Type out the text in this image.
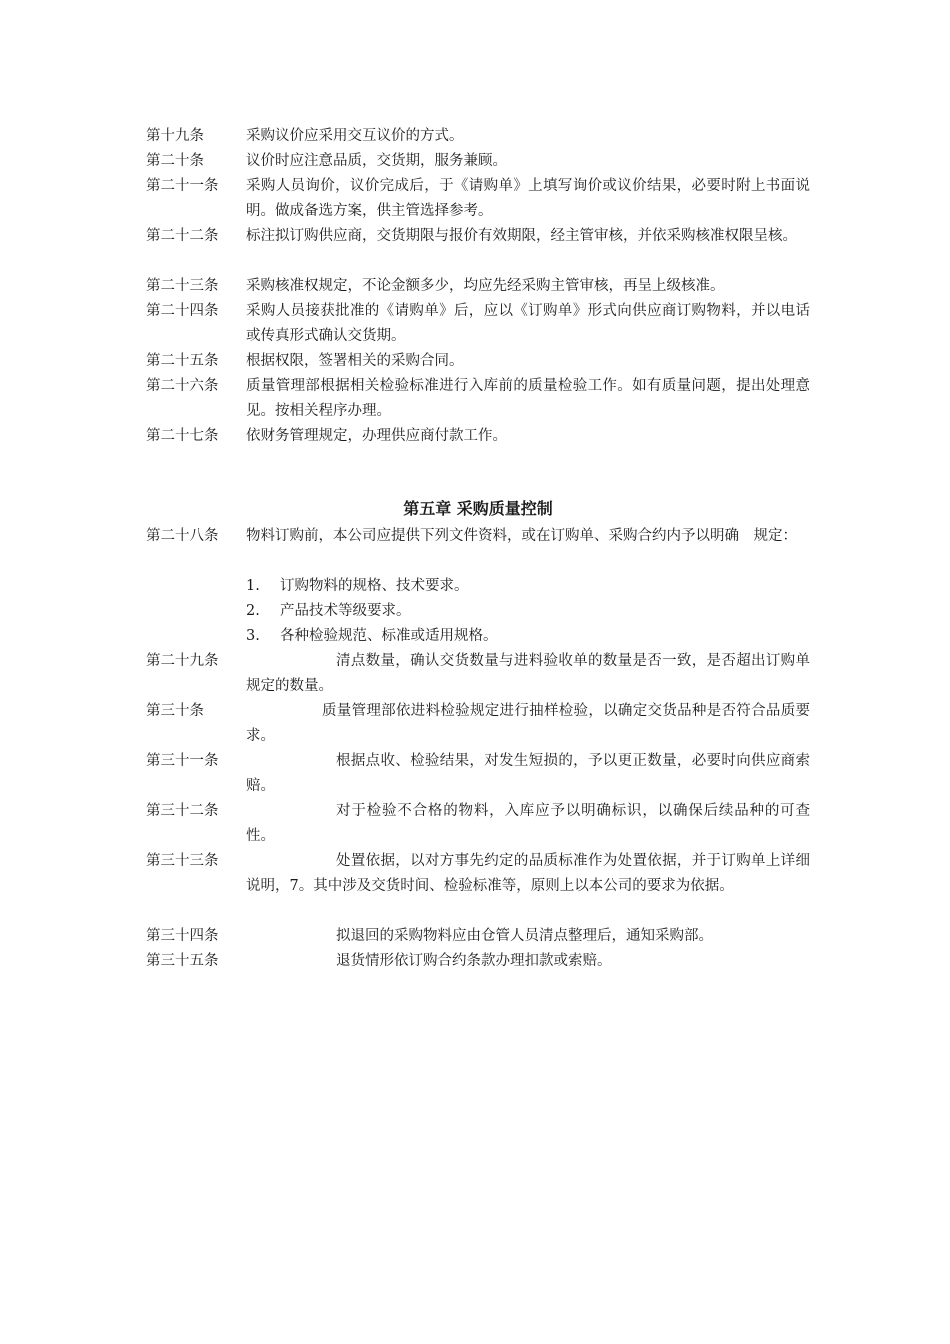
第十九条	采购议价应采用交互议价的方式。
第二十条	议价时应注意品质，交货期，服务兼顾。
第二十一条 采购人员询价，议价完成后，于《请购单》上填写询价或议价结果，必要时附上书面说明。做成备选方案，供主管选择参考。
第二十二条 标注拟订购供应商，交货期限与报价有效期限，经主管审核，并依采购核准权限呈核。
第二十三条 采购核准权规定，不论金额多少，均应先经采购主管审核，再呈上级核准。
第二十四条 采购人员接获批准的《请购单》后，应以《订购单》形式向供应商订购物料，并以电话或传真形式确认交货期。
第二十五条 根据权限，签署相关的采购合同。
第二十六条 质量管理部根据相关检验标准进行入库前的质量检验工作。如有质量问题，提出处理意见。按相关程序办理。
第二十七条 依财务管理规定，办理供应商付款工作。
第五章 采购质量控制
第二十八条 物料订购前，本公司应提供下列文件资料，或在订购单、采购合约内予以明确　规定：
1. 订购物料的规格、技术要求。
2. 产品技术等级要求。
3. 各种检验规范、标准或适用规格。
第二十九条	清点数量，确认交货数量与进料验收单的数量是否一致，是否超出订购单规定的数量。
第三十条	质量管理部依进料检验规定进行抽样检验，以确定交货品种是否符合品质要求。
第三十一条	根据点收、检验结果，对发生短损的，予以更正数量，必要时向供应商索赔。
第三十二条	对于检验不合格的物料，入库应予以明确标识，以确保后续品种的可查性。
第三十三条	处置依据，以对方事先约定的品质标准作为处置依据，并于订购单上详细说明，7。其中涉及交货时间、检验标准等，原则上以本公司的要求为依据。
第三十四条	拟退回的采购物料应由仓管人员清点整理后，通知采购部。
第三十五条	退货情形依订购合约条款办理扣款或索赔。
